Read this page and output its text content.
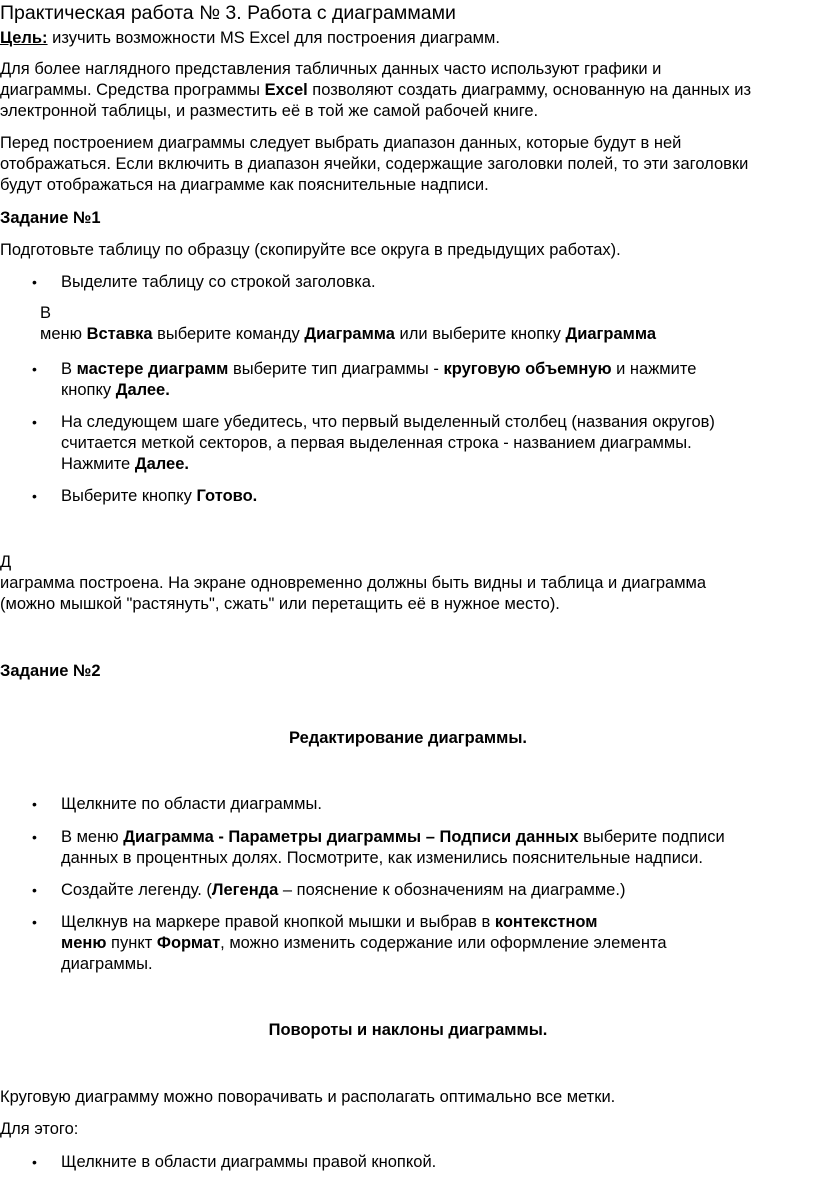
Практическая работа № 3. Работа с диаграммами
Цель: изучить возможности MS Excel для построения диаграмм.
Для более наглядного представления табличных данных часто используют графики и
диаграммы. Средства программы Excel позволяют создать диаграмму, основанную на данных из
электронной таблицы, и разместить её в той же самой рабочей книге.
Перед построением диаграммы следует выбрать диапазон данных, которые будут в ней
отображаться. Если включить в диапазон ячейки, содержащие заголовки полей, то эти заголовки
будут отображаться на диаграмме как пояснительные надписи.
Задание №1
Подготовьте таблицу по образцу (скопируйте все округа в предыдущих работах).
• Выделите таблицу со строкой заголовка.
В
меню Вставка выберите команду Диаграмма или выберите кнопку Диаграмма
• В мастере диаграмм выберите тип диаграммы - круговую объемную и нажмите
кнопку Далее.
• На следующем шаге убедитесь, что первый выделенный столбец (названия округов)
считается меткой секторов, а первая выделенная строка - названием диаграммы.
Нажмите Далее.
• Выберите кнопку Готово.
Д
иаграмма построена. На экране одновременно должны быть видны и таблица и диаграмма
(можно мышкой "растянуть", сжать" или перетащить её в нужное место).
Задание №2
Редактирование диаграммы.
• Щелкните по области диаграммы.
• В меню Диаграмма - Параметры диаграммы – Подписи данных выберите подписи
данных в процентных долях. Посмотрите, как изменились пояснительные надписи.
• Создайте легенду. (Легенда – пояснение к обозначениям на диаграмме.)
• Щелкнув на маркере правой кнопкой мышки и выбрав в контекстном
меню пункт Формат, можно изменить содержание или оформление элемента
диаграммы.
Повороты и наклоны диаграммы.
Круговую диаграмму можно поворачивать и располагать оптимально все метки.
Для этого:
• Щелкните в области диаграммы правой кнопкой.
